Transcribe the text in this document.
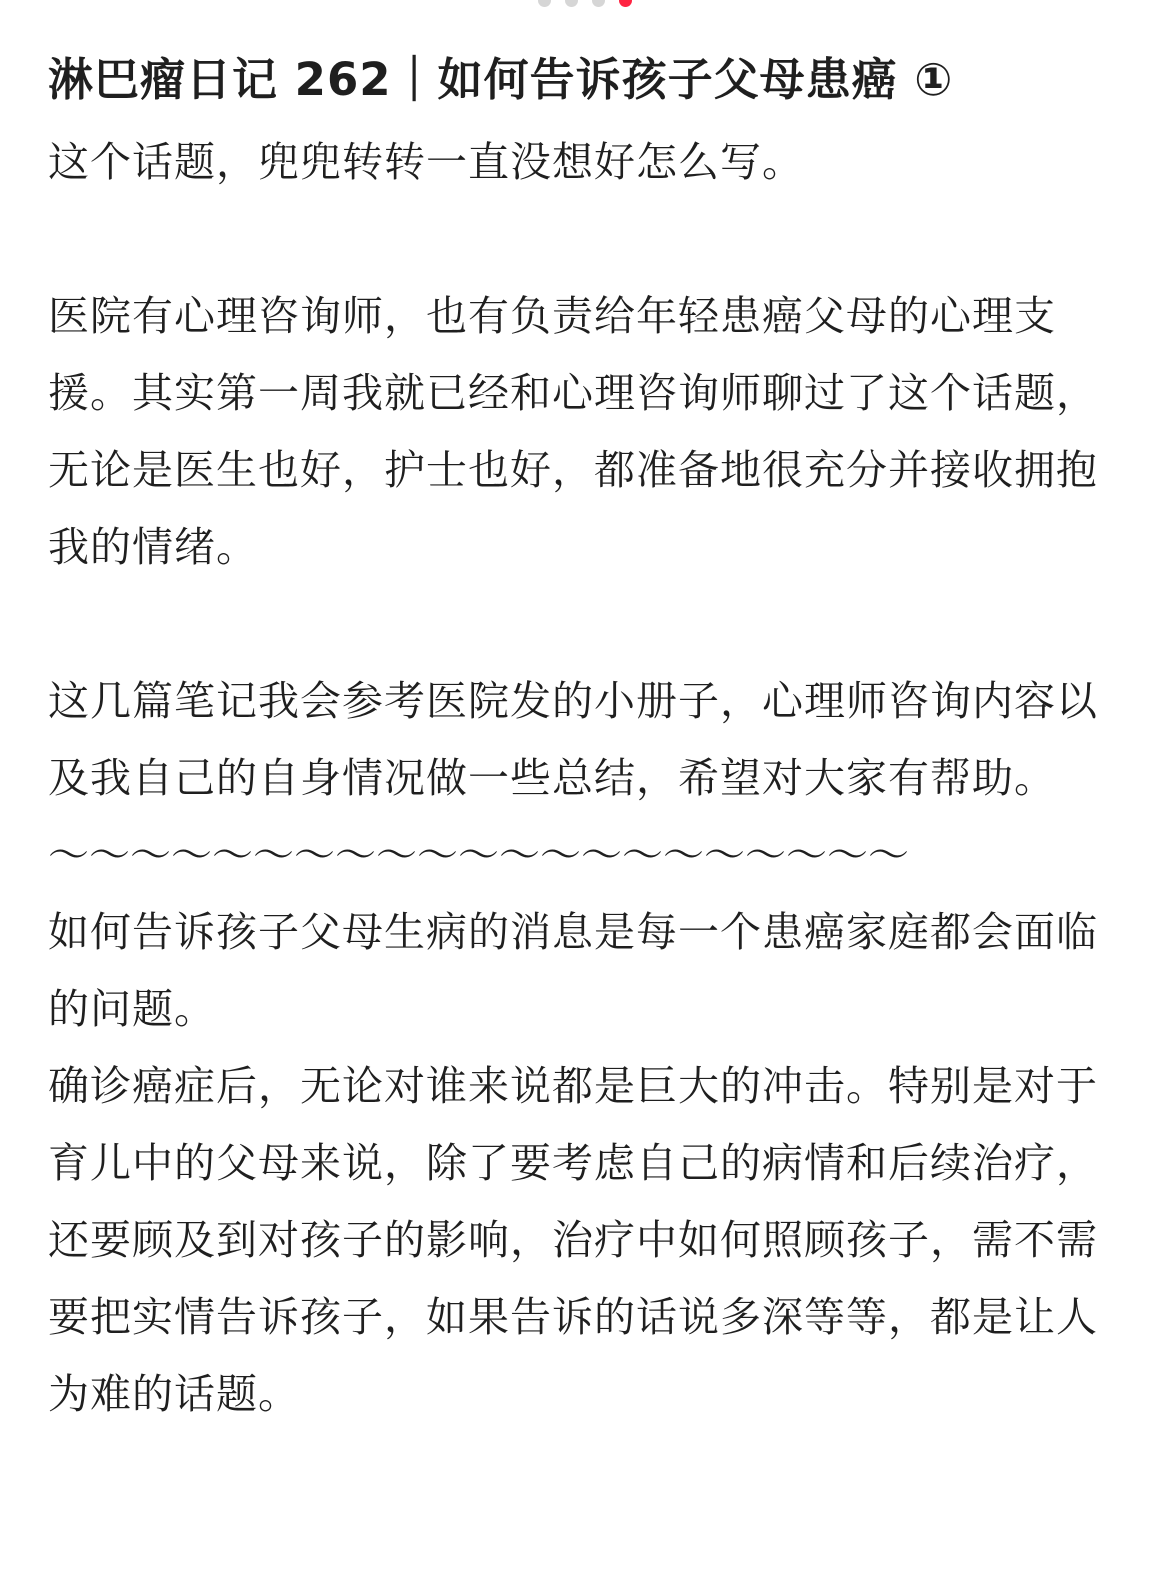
淋巴瘤日记 262｜如何告诉孩子父母患癌 ①

这个话题，兜兜转转一直没想好怎么写。

医院有心理咨询师，也有负责给年轻患癌父母的心理支援。其实第一周我就已经和心理咨询师聊过了这个话题，无论是医生也好，护士也好，都准备地很充分并接收拥抱我的情绪。

这几篇笔记我会参考医院发的小册子，心理师咨询内容以及我自己的自身情况做一些总结，希望对大家有帮助。

～～～～～～～～～～～～～～～～～～～～～

如何告诉孩子父母生病的消息是每一个患癌家庭都会面临的问题。

确诊癌症后，无论对谁来说都是巨大的冲击。特别是对于育儿中的父母来说，除了要考虑自己的病情和后续治疗，还要顾及到对孩子的影响，治疗中如何照顾孩子，需不需要把实情告诉孩子，如果告诉的话说多深等等，都是让人为难的话题。
